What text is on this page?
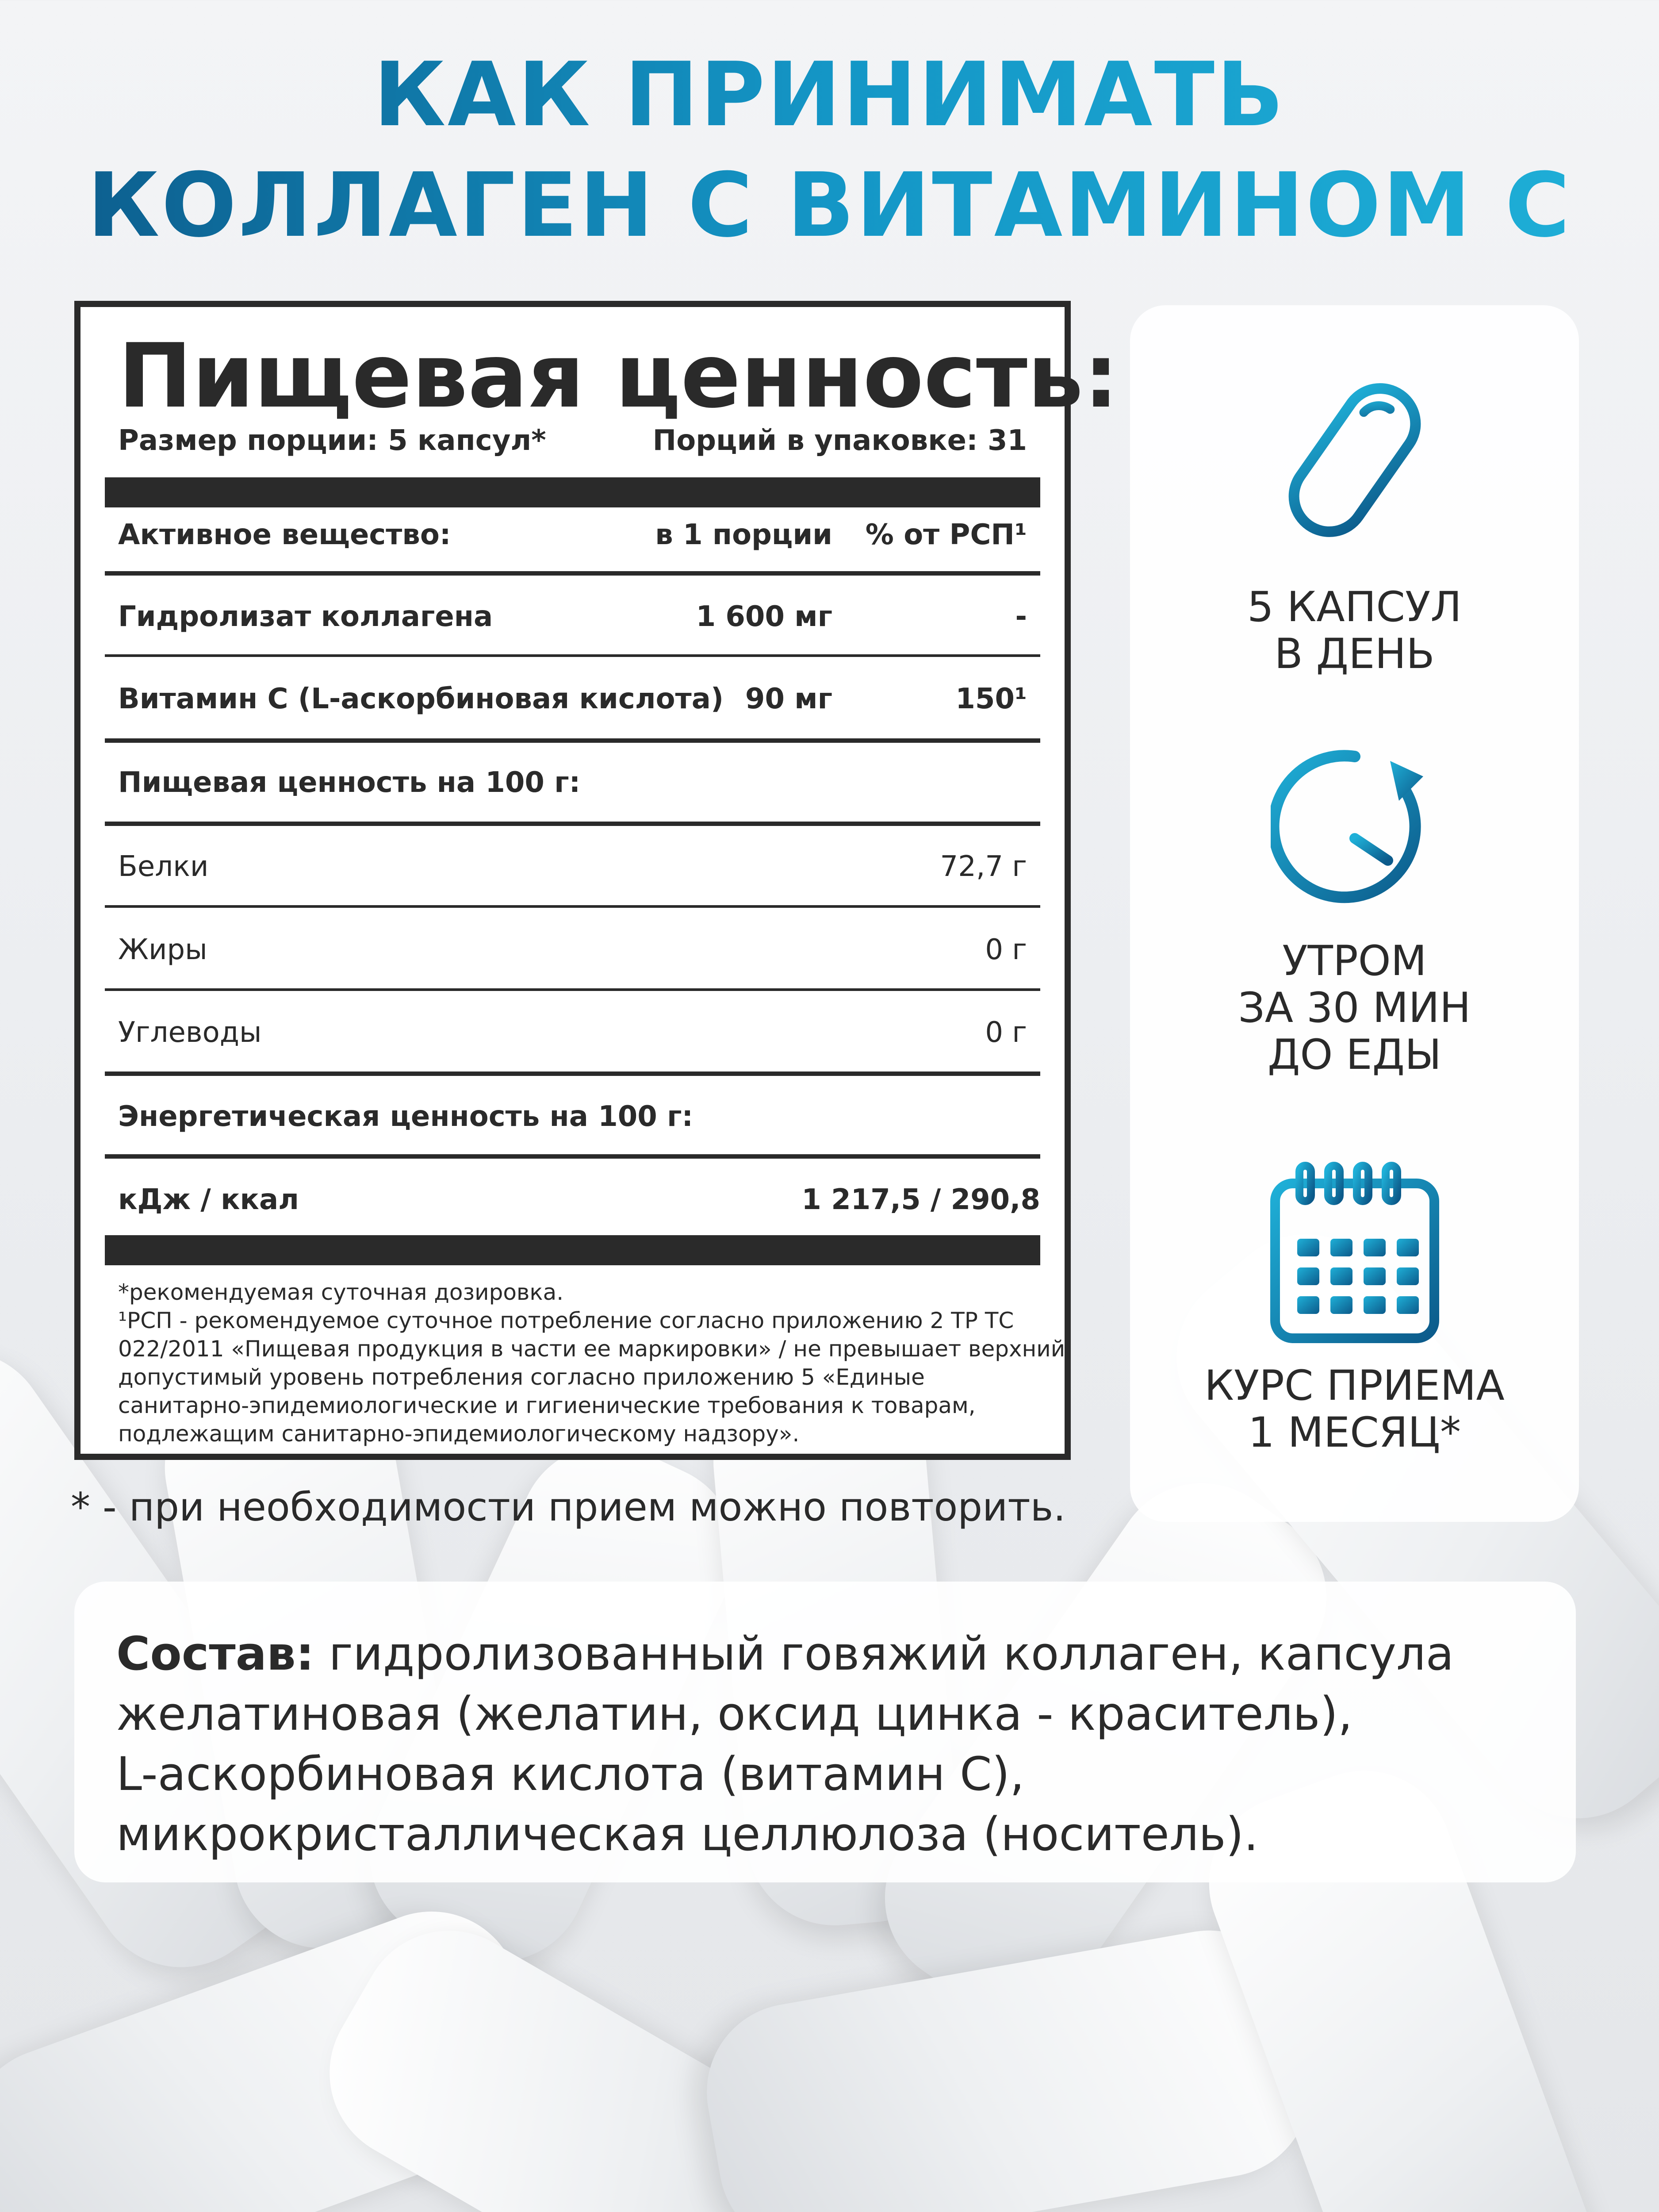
КАК ПРИНИМАТЬ
КОЛЛАГЕН С ВИТАМИНОМ С
Пищевая ценность:
Размер порции: 5 капсул*	Порций в упаковке: 31
Активное вещество:	в 1 порции % от РСП¹
Гидролизат коллагена	1 600 мг	-
Витамин С (L-аскорбиновая кислота) 90 мг	150¹
Пищевая ценность на 100 г:
Белки	72,7 г
Жиры	0 г
Углеводы	0 г
Энергетическая ценность на 100 г:
кДж / ккал	1 217,5 / 290,8
*рекомендуемая суточная дозировка.
¹РСП - рекомендуемое суточное потребление согласно приложению 2 ТР ТС
022/2011 «Пищевая продукция в части ее маркировки» / не превышает верхний
допустимый уровень потребления согласно приложению 5 «Единые
санитарно-эпидемиологические и гигиенические требования к товарам,
подлежащим санитарно-эпидемиологическому надзору».
* - при необходимости прием можно повторить.
5 КАПСУЛ
В ДЕНЬ
УТРОМ
ЗА 30 МИН
ДО ЕДЫ
КУРС ПРИЕМА
1 МЕСЯЦ*
Состав: гидролизованный говяжий коллаген, капсула
желатиновая (желатин, оксид цинка - краситель),
L-аскорбиновая кислота (витамин С),
микрокристаллическая целлюлоза (носитель).
